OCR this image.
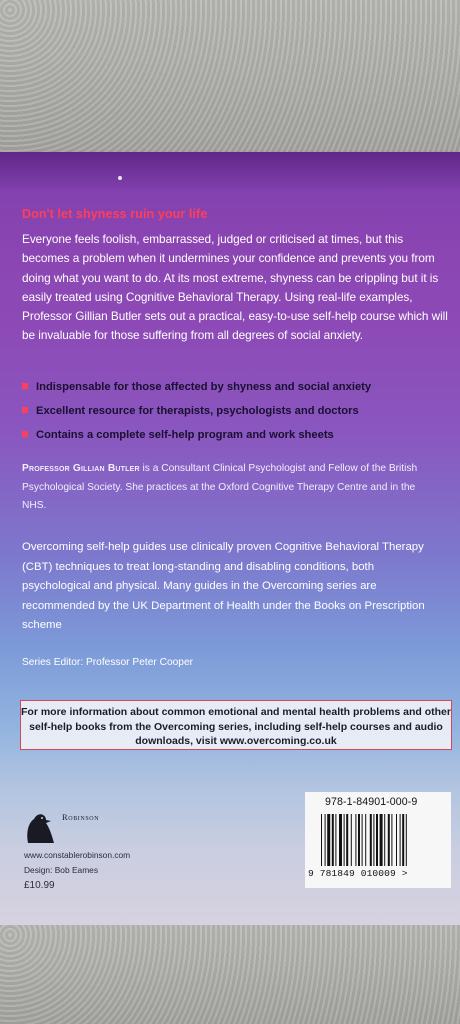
Don't let shyness ruin your life

Everyone feels foolish, embarrassed, judged or criticised at times, but this becomes a problem when it undermines your confidence and prevents you from doing what you want to do. At its most extreme, shyness can be crippling but it is easily treated using Cognitive Behavioral Therapy. Using real-life examples, Professor Gillian Butler sets out a practical, easy-to-use self-help course which will be invaluable for those suffering from all degrees of social anxiety.

Indispensable for those affected by shyness and social anxiety
Excellent resource for therapists, psychologists and doctors
Contains a complete self-help program and work sheets

Professor Gillian Butler is a Consultant Clinical Psychologist and Fellow of the British Psychological Society. She practices at the Oxford Cognitive Therapy Centre and in the NHS.

Overcoming self-help guides use clinically proven Cognitive Behavioral Therapy (CBT) techniques to treat long-standing and disabling conditions, both psychological and physical. Many guides in the Overcoming series are recommended by the UK Department of Health under the Books on Prescription scheme

Series Editor: Professor Peter Cooper

For more information about common emotional and mental health problems and other self-help books from the Overcoming series, including self-help courses and audio downloads, visit www.overcoming.co.uk

Robinson

www.constablerobinson.com

Design: Bob Eames

£10.99

978-1-84901-000-9

9 781849 010009 >
